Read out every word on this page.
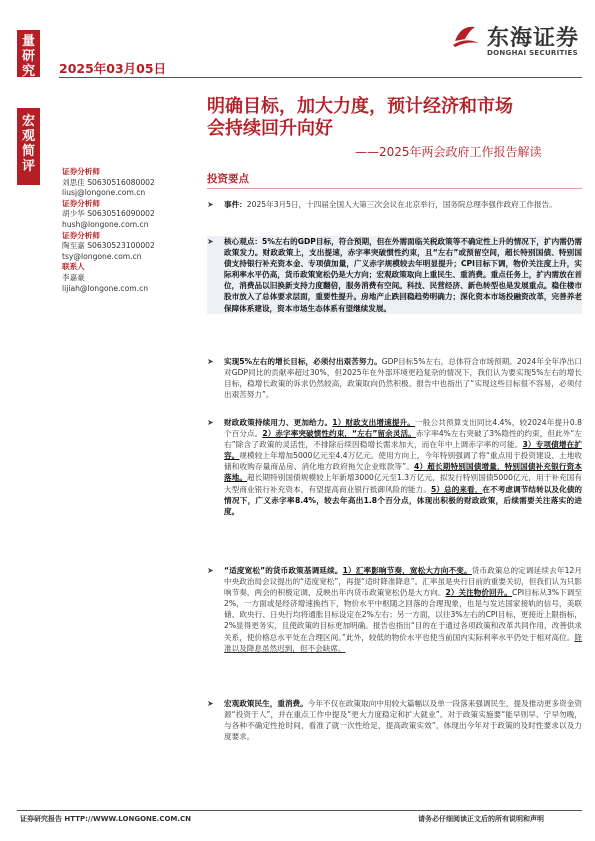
量
研
究
宏
观
简
评
2025年03月05日
东海证券
DONGHAI SECURITIES
明确目标，加大力度，预计经济和市场
会持续回升向好
——2025年两会政府工作报告解读
证券分析师
刘思佳 S0630516080002
liusj@longone.com.cn
证券分析师
胡少华 S0630516090002
hush@longone.com.cn
证券分析师
陶至嘉 S0630523100002
tsy@longone.com.cn
联系人
李嘉豪
lijiah@longone.com.cn
投资要点
➤	事件：2025年3月5日，十四届全国人大第三次会议在北京举行，国务院总理李强作政府工作报告。
➤	核心观点：5%左右的GDP目标，符合预期，但在外需面临关税政策等不确定性上升的情况下，扩内需仍需政策发力。财政政策上，支出提速，赤字率突破惯性约束，且“左右”或预留空间，超长特别国债、特别国债支持银行补充资本金、专项债加量，广义赤字规模较去年明显提升；CPI目标下调，物价关注度上升，实际利率水平仍高，货币政策宽松仍是大方向；宏观政策取向上重民生、重消费。重点任务上，扩内需放在首位，消费品以旧换新支持力度翻倍，服务消费有空间。科技、民营经济、新色转型也是发展重点。稳住楼市股市放入了总体要求层面，重要性提升。房地产止跌回稳趋势明确力；深化资本市场投融资改革，完善养老保障体系建设，资本市场生态体系有望继续发展。
➤	实现5%左右的增长目标，必须付出艰苦努力。GDP目标5%左右，总体符合市场预期。2024年全年净出口对GDP同比的贡献率超过30%，但2025年在外部环境更趋复杂的情况下，我们认为要实现5%左右的增长目标，稳增长政策的诉求仍然较高，政策取向仍然积极。报告中也指出了“实现这些目标很不容易，必须付出艰苦努力”。
➤	财政政策持续用力、更加给力。1）财政支出增速提升。一般公共预算支出同比4.4%，较2024年提升0.8个百分点。2）赤字率突破惯性约束，“左右”留余灵活。赤字率4%左右突破了3%隐性的约束，但此外“左右”除含了政策的灵活性，不排除后续因稳增长需求加大，而在年中上调赤字率的可能。3）专项债增在扩容。规模较上年增加5000亿元至4.4万亿元。使用方向上，今年特别强调了将“重点用于投资建设、土地收储和收购存量商品房、消化地方政府拖欠企业账款等”。4）超长期特别国债增量，特别国债补充银行资本落地。超长期特别国债规模较上年新增3000亿元至1.3万亿元，拟发行特别国债5000亿元，用于补充国有大型商业银行补充资本，有望提高商业银行抵御风险的能力。5）总的来看，在不考虑调节结转以及化债的情况下，广义赤字率8.4%，较去年高出1.8个百分点，体现出积极的财政政策，后续需要关注落实的进度。
➤	“适度宽松”的货币政策基调延续。1）汇率影响节奏，宽松大方向不变。货币政策总的定调延续去年12月中央政治局会议提出的“适度宽松”，再提“适时降准降息”。汇率虽是央行目前的重要关切，但我们认为只影响节奏，两会的积极定调，反映出年内货币政策宽松仍是大方向。2）关注物价回升。CPI目标从3%下调至2%，一方面或是经济增速换挡下，物价水平中枢随之回落的合理现象，也是与发达国家接轨的信号，美联储、欧央行、日央行均将通胀目标设定在2%左右；另一方面，以往3%左右的CPI目标，更接近上限指标，2%显得更务实，且使政策的目标更加明确。报告也指出“目的在于通过各项政策和改革共同作用，改善供求关系，使价格总水平处在合理区间。”此外，较低的物价水平也使当前国内实际利率水平仍处于相对高位。降准以及降息虽然迟到，但不会缺席。
➤	宏观政策民生，重消费。今年不仅在政策取向中用较大篇幅以及单一段落来强调民生，提及推动更多资金资源“投资于人”，并在重点工作中提及“更大力度稳定和扩大就业”。对于政策实施要“能早则早、宁早勿晚，与各种不确定性抢时间，看准了就一次性给足，提高政策实效”，体现出今年对于政策的及时性要求以及力度要求。
证券研究报告 HTTP://WWW.LONGONE.COM.CN	请务必仔细阅读正文后的所有说明和声明
